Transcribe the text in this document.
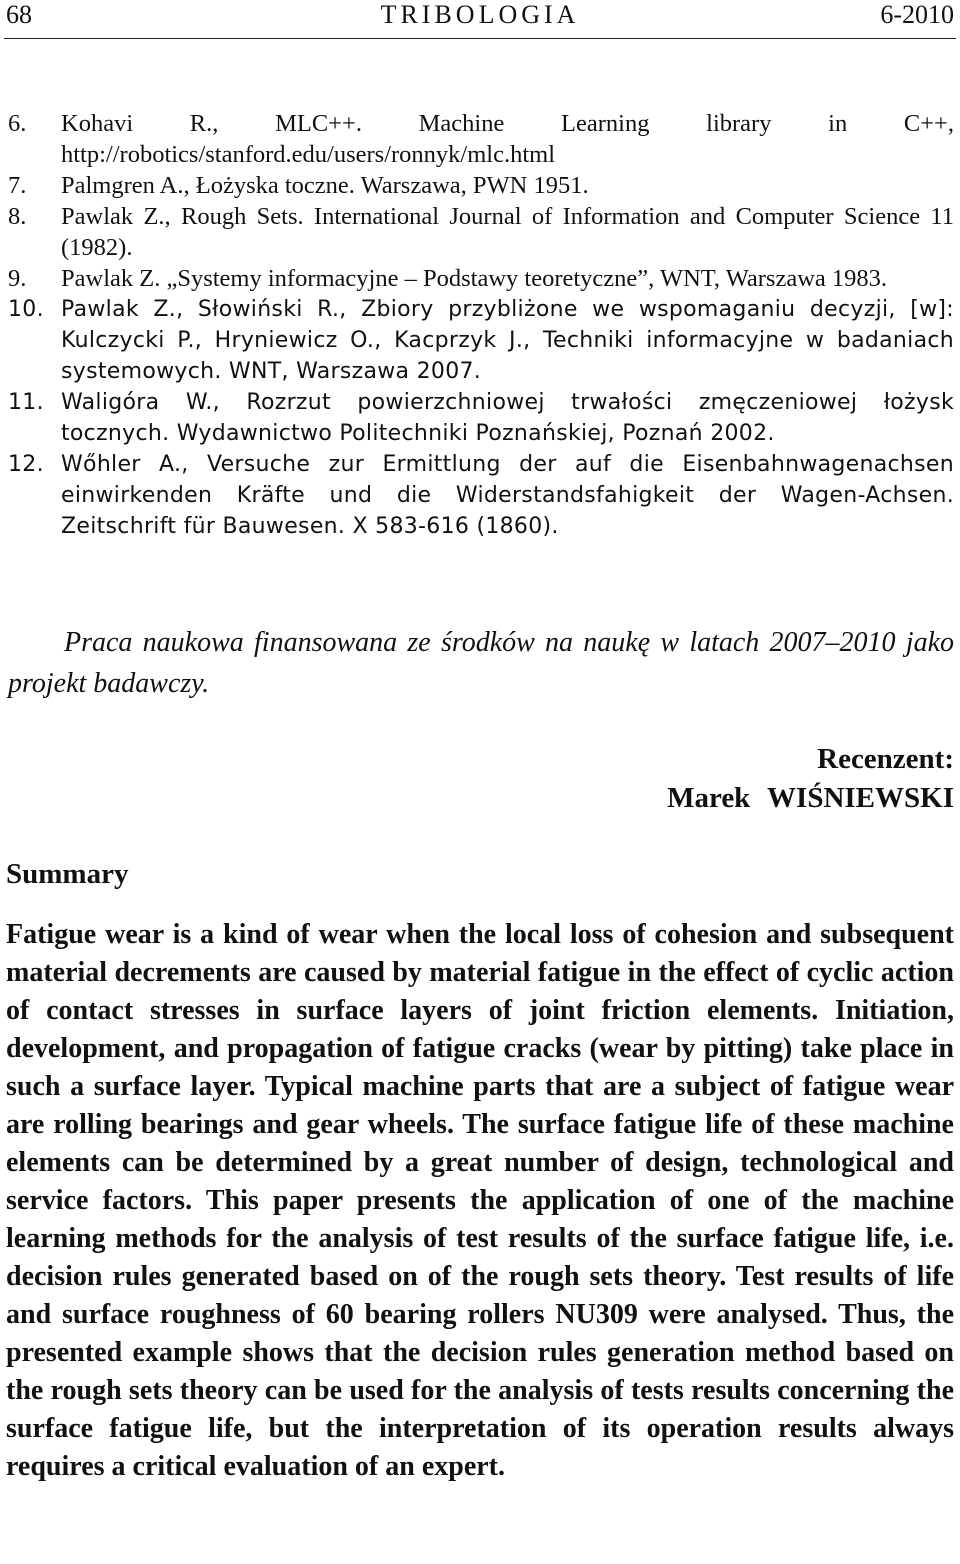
68	TRIBOLOGIA	6-2010
6. Kohavi R., MLC++. Machine Learning library in C++, http://robotics/stanford.edu/users/ronnyk/mlc.html
7. Palmgren A., Łożyska toczne. Warszawa, PWN 1951.
8. Pawlak Z., Rough Sets. International Journal of Information and Computer Science 11 (1982).
9. Pawlak Z. „Systemy informacyjne – Podstawy teoretyczne”, WNT, Warszawa 1983.
10. Pawlak Z., Słowiński R., Zbiory przybliżone we wspomaganiu decyzji, [w]: Kulczycki P., Hryniewicz O., Kacprzyk J., Techniki informacyjne w badaniach systemowych. WNT, Warszawa 2007.
11. Waligóra W., Rozrzut powierzchniowej trwałości zmęczeniowej łożysk tocznych. Wydawnictwo Politechniki Poznańskiej, Poznań 2002.
12. Wőhler A., Versuche zur Ermittlung der auf die Eisenbahnwagenachsen einwirkenden Kräfte und die Widerstandsfahigkeit der Wagen-Achsen. Zeitschrift für Bauwesen. X 583-616 (1860).

Praca naukowa finansowana ze środków na naukę w latach 2007–2010 jako projekt badawczy.

Recenzent:
Marek WIŚNIEWSKI
Summary

Fatigue wear is a kind of wear when the local loss of cohesion and subsequent material decrements are caused by material fatigue in the effect of cyclic action of contact stresses in surface layers of joint friction elements. Initiation, development, and propagation of fatigue cracks (wear by pitting) take place in such a surface layer. Typical machine parts that are a subject of fatigue wear are rolling bearings and gear wheels. The surface fatigue life of these machine elements can be determined by a great number of design, technological and service factors. This paper presents the application of one of the machine learning methods for the analysis of test results of the surface fatigue life, i.e. decision rules generated based on of the rough sets theory. Test results of life and surface roughness of 60 bearing rollers NU309 were analysed. Thus, the presented example shows that the decision rules generation method based on the rough sets theory can be used for the analysis of tests results concerning the surface fatigue life, but the interpretation of its operation results always requires a critical evaluation of an expert.
